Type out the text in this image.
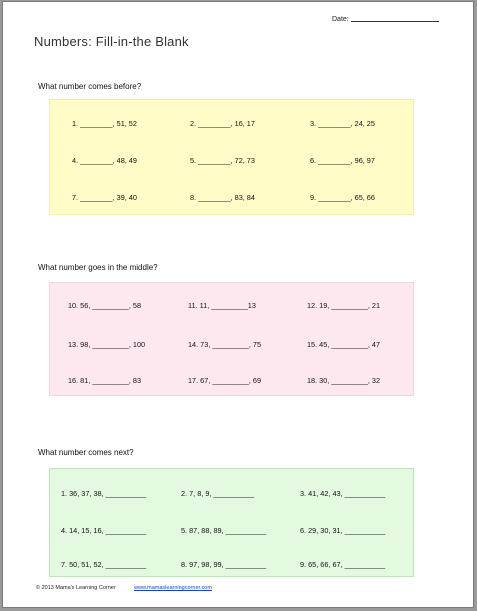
Date:
Numbers: Fill-in-the Blank
What number comes before?
1. ________, 51, 52	2. ________, 16, 17	3. ________, 24, 25
4. ________, 48, 49	5. ________, 72, 73	6. ________, 96, 97
7. ________, 39, 40	8. ________, 83, 84	9. ________, 65, 66
What number goes in the middle?
10. 56, _________, 58	11. 11, _________13	12. 19, _________, 21
13. 98, _________, 100	14. 73, _________, 75	15. 45, _________, 47
16. 81, _________, 83	17. 67, _________, 69	18. 30, _________, 32
What number comes next?
1. 36, 37, 38, __________	2. 7, 8, 9, __________	3. 41, 42, 43, __________
4. 14, 15, 16, __________	5. 87, 88, 89, __________	6. 29, 30, 31, __________
7. 50, 51, 52, __________	8. 97, 98, 99, __________	9. 65, 66, 67, __________
© 2013 Mama's Learning Corner	www.mamaslearningcorner.com
